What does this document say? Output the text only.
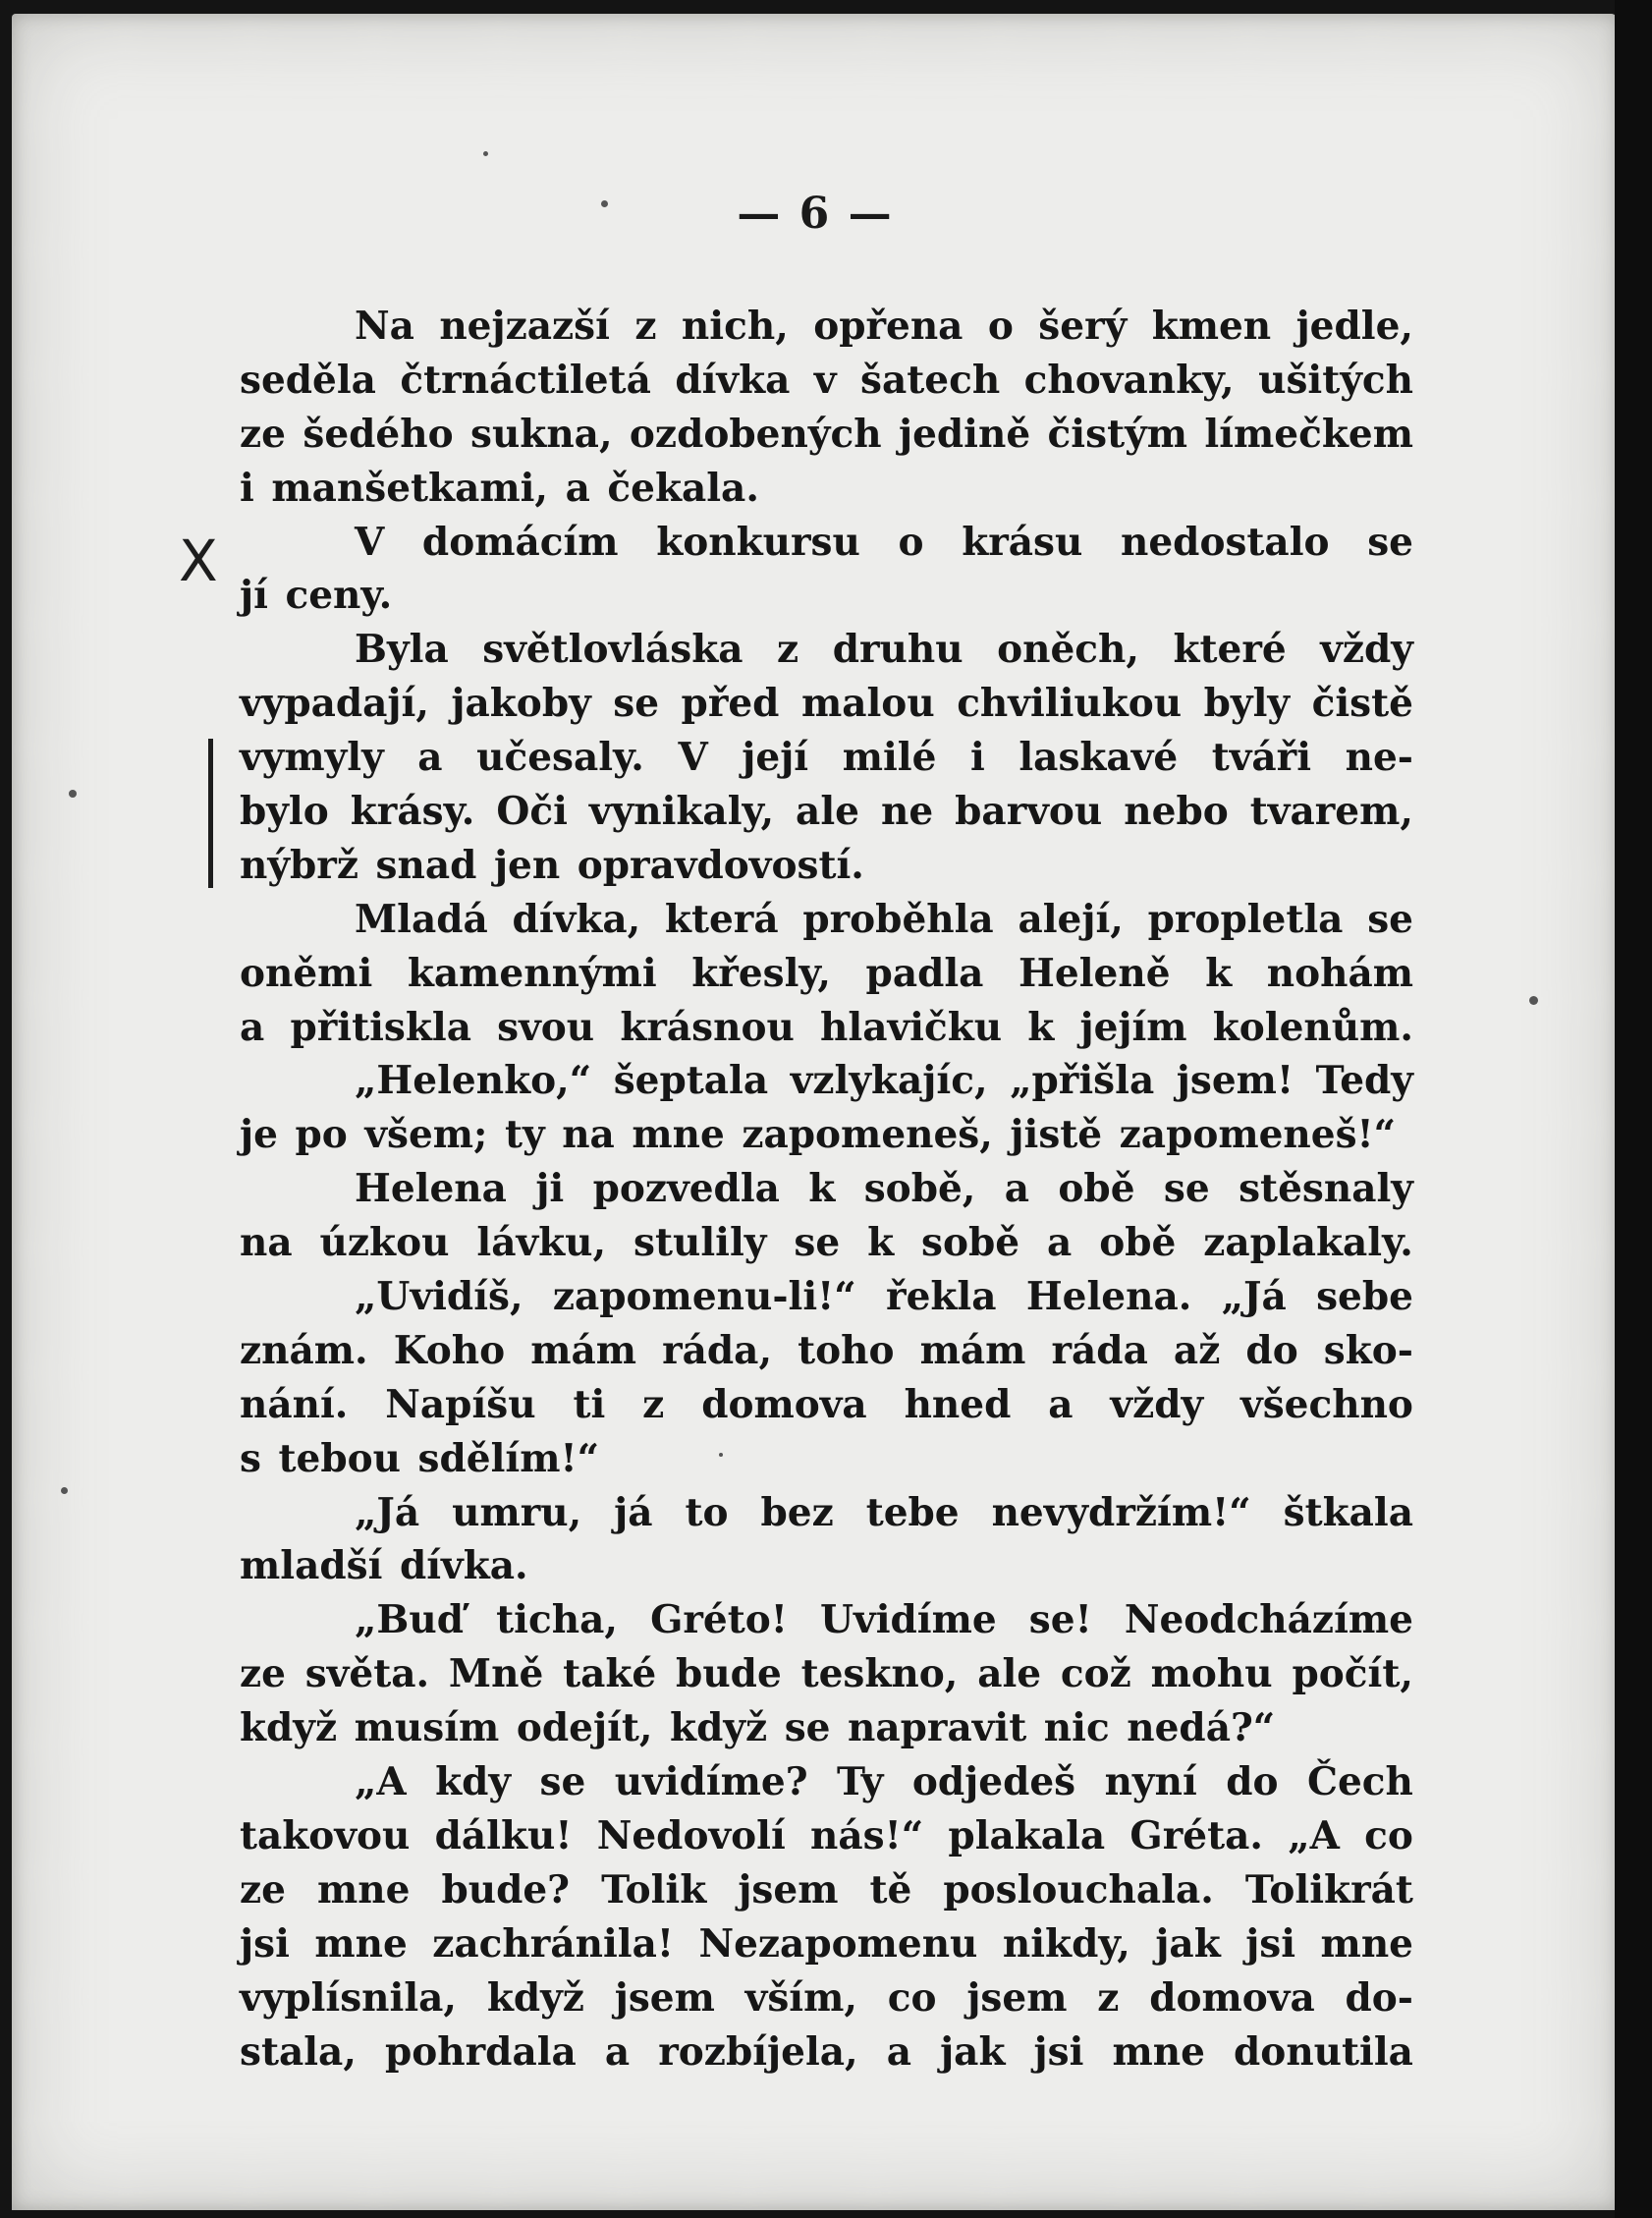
— 6 —
X
Na nejzazší z nich, opřena o šerý kmen jedle,
seděla čtrnáctiletá dívka v šatech chovanky, ušitých
ze šedého sukna, ozdobených jedině čistým límečkem
i manšetkami, a čekala.
V domácím konkursu o krásu nedostalo se
jí ceny.
Byla světlovláska z druhu oněch, které vždy
vypadají, jakoby se před malou chviliukou byly čistě
vymyly a učesaly. V její milé i laskavé tváři ne-
bylo krásy. Oči vynikaly, ale ne barvou nebo tvarem,
nýbrž snad jen opravdovostí.
Mladá dívka, která proběhla alejí, propletla se
oněmi kamennými křesly, padla Heleně k nohám
a přitiskla svou krásnou hlavičku k jejím kolenům.
„Helenko,“ šeptala vzlykajíc, „přišla jsem! Tedy
je po všem; ty na mne zapomeneš, jistě zapomeneš!“
Helena ji pozvedla k sobě, a obě se stěsnaly
na úzkou lávku, stulily se k sobě a obě zaplakaly.
„Uvidíš, zapomenu-li!“ řekla Helena. „Já sebe
znám. Koho mám ráda, toho mám ráda až do sko-
nání. Napíšu ti z domova hned a vždy všechno
s tebou sdělím!“
„Já umru, já to bez tebe nevydržím!“ štkala
mladší dívka.
„Buď ticha, Gréto! Uvidíme se! Neodcházíme
ze světa. Mně také bude teskno, ale což mohu počít,
když musím odejít, když se napravit nic nedá?“
„A kdy se uvidíme? Ty odjedeš nyní do Čech
takovou dálku! Nedovolí nás!“ plakala Gréta. „A co
ze mne bude? Tolik jsem tě poslouchala. Tolikrát
jsi mne zachránila! Nezapomenu nikdy, jak jsi mne
vyplísnila, když jsem vším, co jsem z domova do-
stala, pohrdala a rozbíjela, a jak jsi mne donutila
